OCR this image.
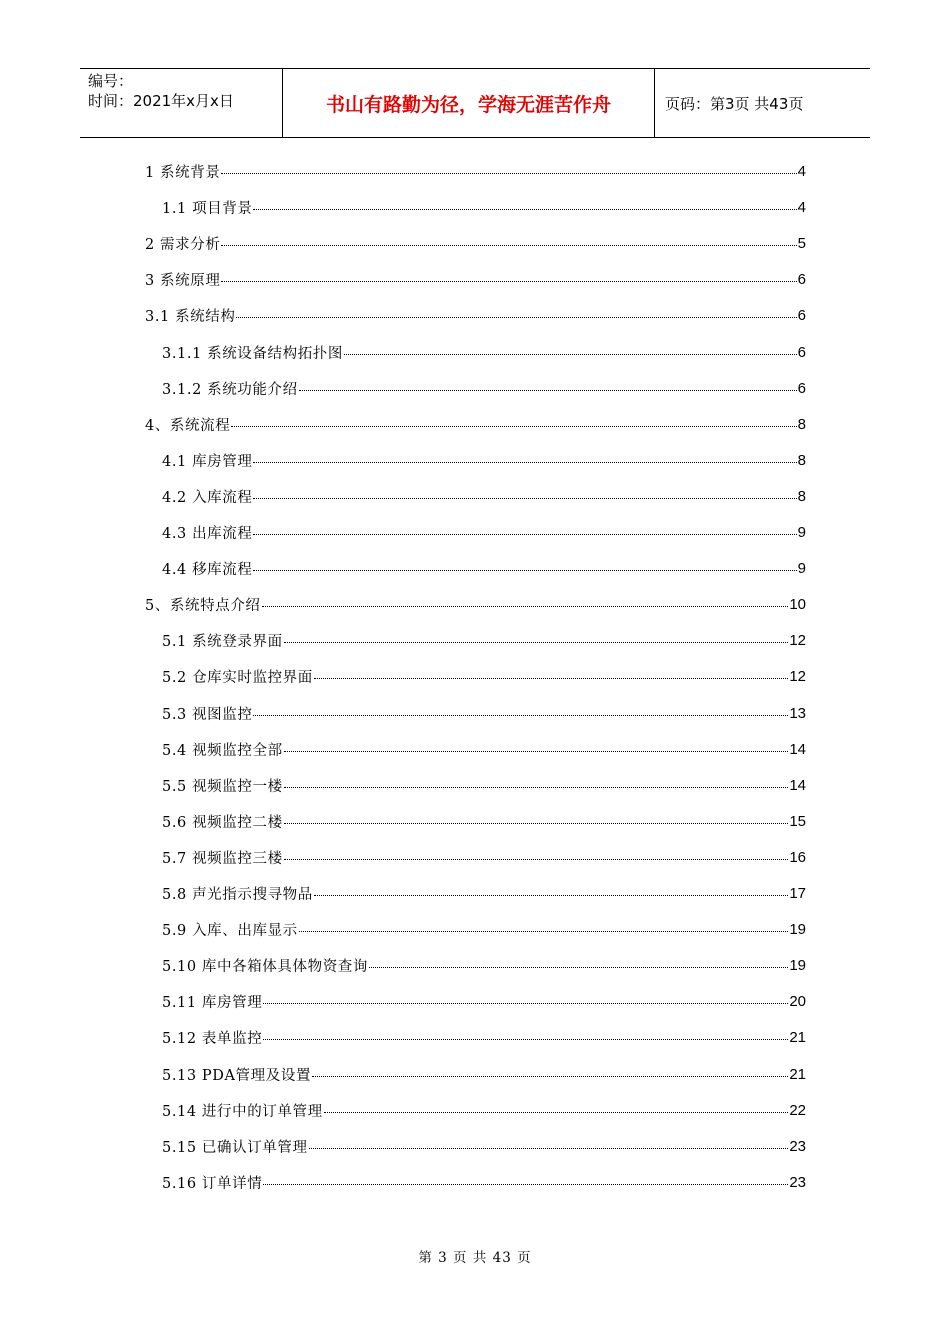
编号：
时间：2021年x月x日	书山有路勤为径，学海无涯苦作舟	页码：第3页 共43页
1 系统背景	4
1.1 项目背景	4
2 需求分析	5
3 系统原理	6
3.1 系统结构	6
3.1.1 系统设备结构拓扑图	6
3.1.2 系统功能介绍	6
4、系统流程	8
4.1 库房管理	8
4.2 入库流程	8
4.3 出库流程	9
4.4 移库流程	9
5、系统特点介绍	10
5.1 系统登录界面	12
5.2 仓库实时监控界面	12
5.3 视图监控	13
5.4 视频监控全部	14
5.5 视频监控一楼	14
5.6 视频监控二楼	15
5.7 视频监控三楼	16
5.8 声光指示搜寻物品	17
5.9 入库、出库显示	19
5.10 库中各箱体具体物资查询	19
5.11 库房管理	20
5.12 表单监控	21
5.13 PDA管理及设置	21
5.14 进行中的订单管理	22
5.15 已确认订单管理	23
5.16 订单详情	23
第 3 页 共 43 页
